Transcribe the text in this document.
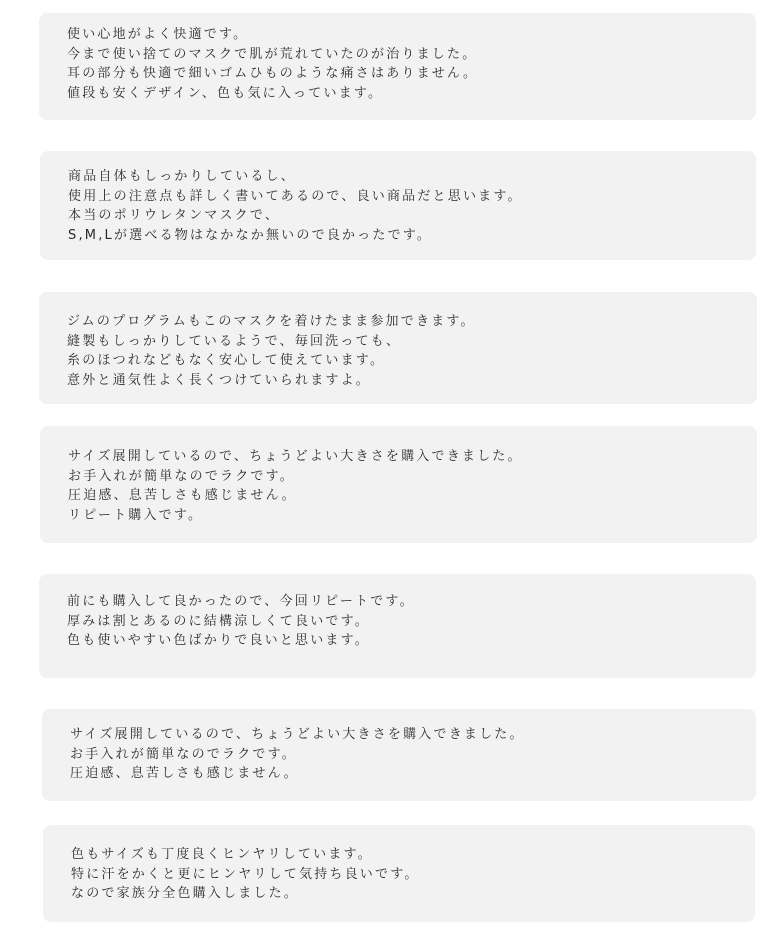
使い心地がよく快適です。
今まで使い捨てのマスクで肌が荒れていたのが治りました。
耳の部分も快適で細いゴムひものような痛さはありません。
値段も安くデザイン、色も気に入っています。
商品自体もしっかりしているし、
使用上の注意点も詳しく書いてあるので、良い商品だと思います。
本当のポリウレタンマスクで、
S,M,Lが選べる物はなかなか無いので良かったです。
ジムのプログラムもこのマスクを着けたまま参加できます。
縫製もしっかりしているようで、毎回洗っても、
糸のほつれなどもなく安心して使えています。
意外と通気性よく長くつけていられますよ。
サイズ展開しているので、ちょうどよい大きさを購入できました。
お手入れが簡単なのでラクです。
圧迫感、息苦しさも感じません。
リピート購入です。
前にも購入して良かったので、今回リピートです。
厚みは割とあるのに結構涼しくて良いです。
色も使いやすい色ばかりで良いと思います。
サイズ展開しているので、ちょうどよい大きさを購入できました。
お手入れが簡単なのでラクです。
圧迫感、息苦しさも感じません。
色もサイズも丁度良くヒンヤリしています。
特に汗をかくと更にヒンヤリして気持ち良いです。
なので家族分全色購入しました。
